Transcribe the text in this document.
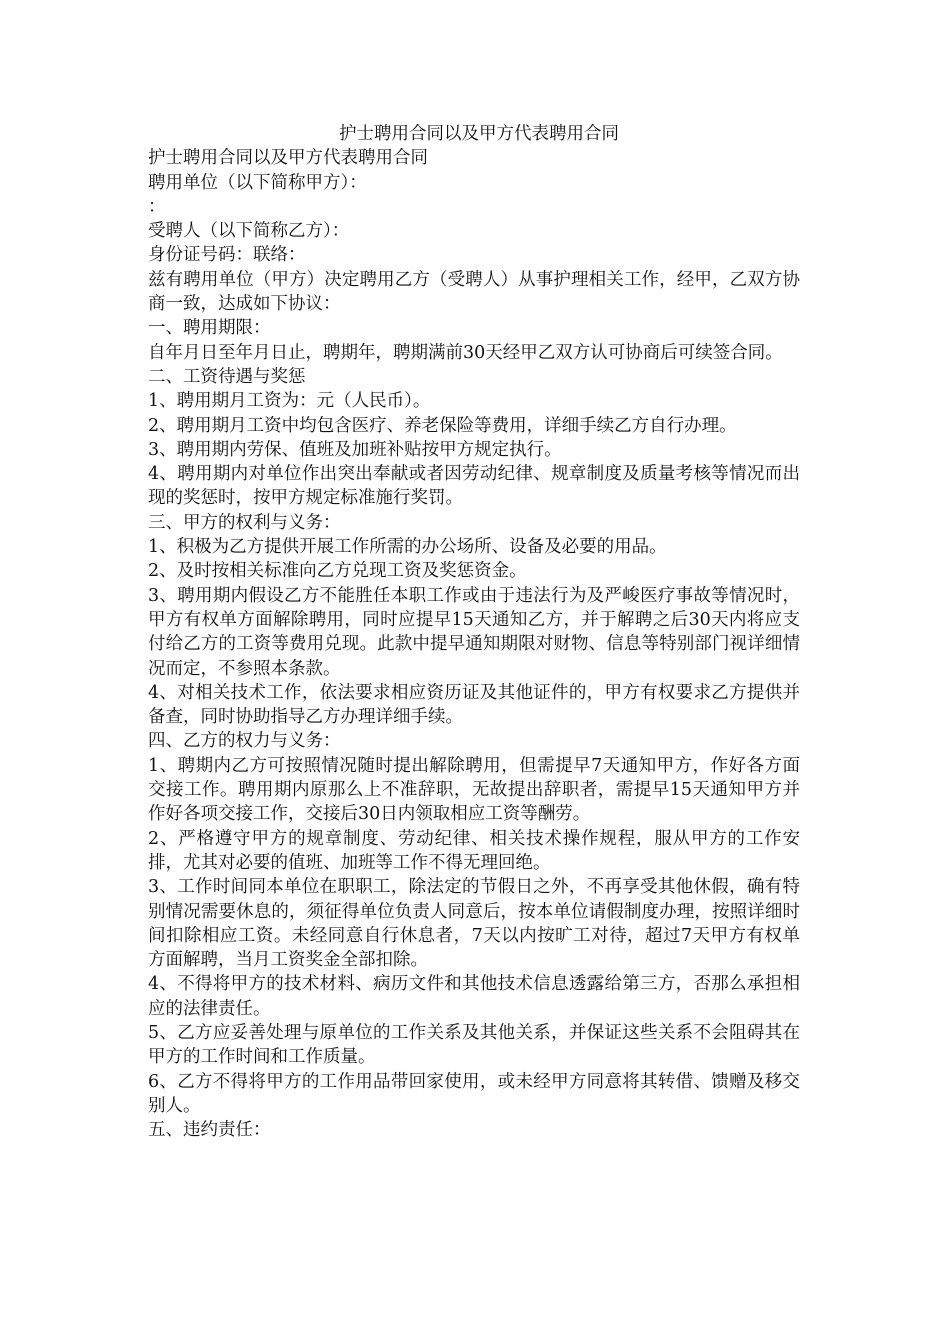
护士聘用合同以及甲方代表聘用合同

护士聘用合同以及甲方代表聘用合同

聘用单位（以下简称甲方）：

：

受聘人（以下简称乙方）：

身份证号码：联络：

兹有聘用单位（甲方）决定聘用乙方（受聘人）从事护理相关工作，经甲，乙双方协商一致，达成如下协议：

一、聘用期限：

自年月日至年月日止，聘期年，聘期满前30天经甲乙双方认可协商后可续签合同。

二、工资待遇与奖惩

1、聘用期月工资为：元（人民币）。

2、聘用期月工资中均包含医疗、养老保险等费用，详细手续乙方自行办理。

3、聘用期内劳保、值班及加班补贴按甲方规定执行。

4、聘用期内对单位作出突出奉献或者因劳动纪律、规章制度及质量考核等情况而出现的奖惩时，按甲方规定标准施行奖罚。

三、甲方的权利与义务：

1、积极为乙方提供开展工作所需的办公场所、设备及必要的用品。

2、及时按相关标准向乙方兑现工资及奖惩资金。

3、聘用期内假设乙方不能胜任本职工作或由于违法行为及严峻医疗事故等情况时，甲方有权单方面解除聘用，同时应提早15天通知乙方，并于解聘之后30天内将应支付给乙方的工资等费用兑现。此款中提早通知期限对财物、信息等特别部门视详细情况而定，不参照本条款。

4、对相关技术工作，依法要求相应资历证及其他证件的，甲方有权要求乙方提供并备查，同时协助指导乙方办理详细手续。

四、乙方的权力与义务：

1、聘期内乙方可按照情况随时提出解除聘用，但需提早7天通知甲方，作好各方面交接工作。聘用期内原那么上不准辞职，无故提出辞职者，需提早15天通知甲方并作好各项交接工作，交接后30日内领取相应工资等酬劳。

2、严格遵守甲方的规章制度、劳动纪律、相关技术操作规程，服从甲方的工作安排，尤其对必要的值班、加班等工作不得无理回绝。

3、工作时间同本单位在职职工，除法定的节假日之外，不再享受其他休假，确有特别情况需要休息的，须征得单位负责人同意后，按本单位请假制度办理，按照详细时间扣除相应工资。未经同意自行休息者，7天以内按旷工对待，超过7天甲方有权单方面解聘，当月工资奖金全部扣除。

4、不得将甲方的技术材料、病历文件和其他技术信息透露给第三方，否那么承担相应的法律责任。

5、乙方应妥善处理与原单位的工作关系及其他关系，并保证这些关系不会阻碍其在甲方的工作时间和工作质量。

6、乙方不得将甲方的工作用品带回家使用，或未经甲方同意将其转借、馈赠及移交别人。

五、违约责任：
